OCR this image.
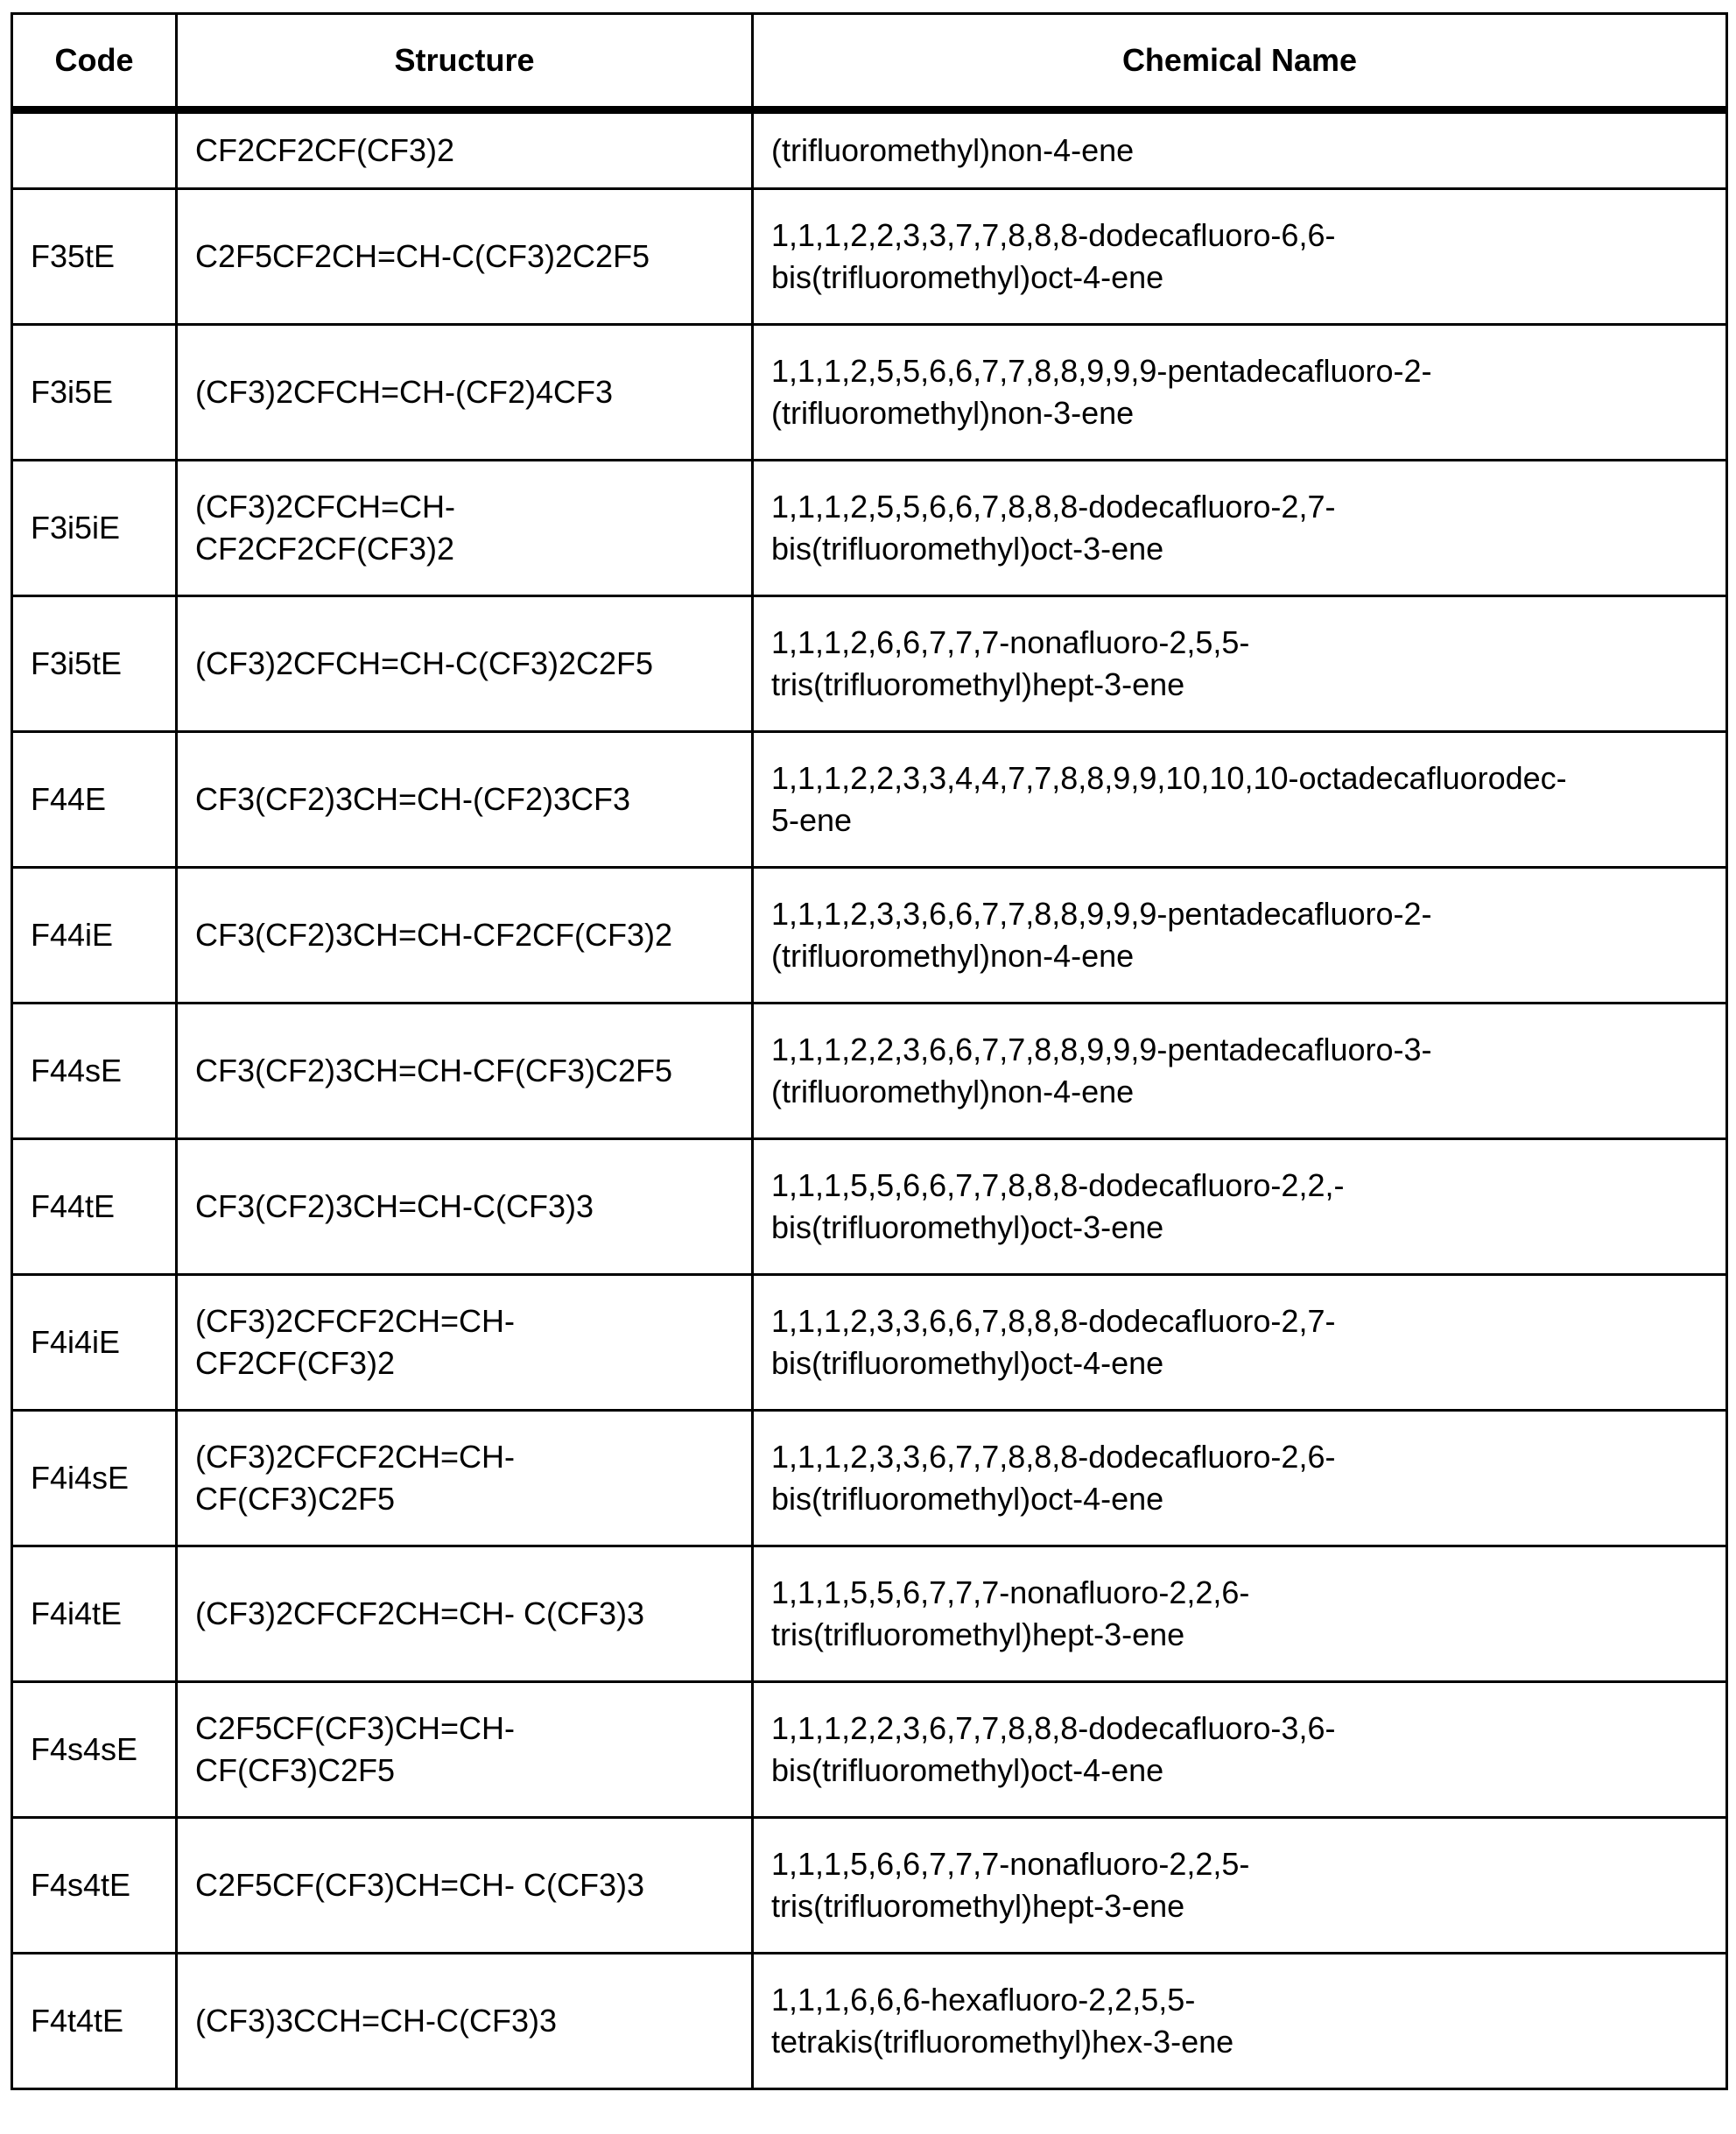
Code	Structure	Chemical Name

CF2CF2CF(CF3)2	(trifluoromethyl)non-4-ene

F35tE	C2F5CF2CH=CH-C(CF3)2C2F5

1,1,1,2,2,3,3,7,7,8,8,8-dodecafluoro-6,6-
bis(trifluoromethyl)oct-4-ene

F3i5E	(CF3)2CFCH=CH-(CF2)4CF3

1,1,1,2,5,5,6,6,7,7,8,8,9,9,9-pentadecafluoro-2-
(trifluoromethyl)non-3-ene

F3i5iE	
(CF3)2CFCH=CH-
CF2CF2CF(CF3)2

1,1,1,2,5,5,6,6,7,8,8,8-dodecafluoro-2,7-
bis(trifluoromethyl)oct-3-ene

F3i5tE	(CF3)2CFCH=CH-C(CF3)2C2F5

1,1,1,2,6,6,7,7,7-nonafluoro-2,5,5-
tris(trifluoromethyl)hept-3-ene

F44E	CF3(CF2)3CH=CH-(CF2)3CF3

1,1,1,2,2,3,3,4,4,7,7,8,8,9,9,10,10,10-octadecafluorodec-
5-ene

F44iE	CF3(CF2)3CH=CH-CF2CF(CF3)2

1,1,1,2,3,3,6,6,7,7,8,8,9,9,9-pentadecafluoro-2-
(trifluoromethyl)non-4-ene

F44sE	CF3(CF2)3CH=CH-CF(CF3)C2F5

1,1,1,2,2,3,6,6,7,7,8,8,9,9,9-pentadecafluoro-3-
(trifluoromethyl)non-4-ene

F44tE	CF3(CF2)3CH=CH-C(CF3)3

1,1,1,5,5,6,6,7,7,8,8,8-dodecafluoro-2,2,-
bis(trifluoromethyl)oct-3-ene

F4i4iE	
(CF3)2CFCF2CH=CH-
CF2CF(CF3)2

1,1,1,2,3,3,6,6,7,8,8,8-dodecafluoro-2,7-
bis(trifluoromethyl)oct-4-ene

F4i4sE	
(CF3)2CFCF2CH=CH-
CF(CF3)C2F5

1,1,1,2,3,3,6,7,7,8,8,8-dodecafluoro-2,6-
bis(trifluoromethyl)oct-4-ene

F4i4tE	(CF3)2CFCF2CH=CH- C(CF3)3

1,1,1,5,5,6,7,7,7-nonafluoro-2,2,6-
tris(trifluoromethyl)hept-3-ene

F4s4sE	
C2F5CF(CF3)CH=CH-
CF(CF3)C2F5

1,1,1,2,2,3,6,7,7,8,8,8-dodecafluoro-3,6-
bis(trifluoromethyl)oct-4-ene

F4s4tE	C2F5CF(CF3)CH=CH- C(CF3)3

1,1,1,5,6,6,7,7,7-nonafluoro-2,2,5-
tris(trifluoromethyl)hept-3-ene

F4t4tE	(CF3)3CCH=CH-C(CF3)3

1,1,1,6,6,6-hexafluoro-2,2,5,5-
tetrakis(trifluoromethyl)hex-3-ene
